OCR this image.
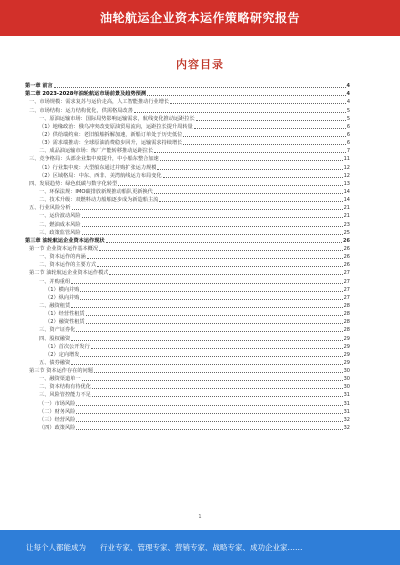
油轮航运企业资本运作策略研究报告
内容目录
第一章 前言	4
第二章 2023-2028年油轮航运市场前景及趋势预测	4
一、市场规模：需求复苏与运价走高，人工智能推动行业增长	4
二、市场结构：运力结构优化，供需格局改善	5
一、原油运输市场：国际局势影响运输需求，航线变化推动运距拉长	5
（1）地缘政治：俄乌冲突改变原油贸易流向，运距拉长提升周转量	6
（2）供给端约束：老旧船舶拆解加速，新船订单处于历史低位	6
（3）需求端推动：全球原油消费稳步回升，运输需求持续增长	6
二、成品油运输市场：炼厂产能转移推动运距拉长	7
三、竞争格局：头部企业集中度提升，中小船东整合加速	11
（1）行业集中度：大型船东通过并购扩张运力规模	12
（2）区域格局：中东、西非、美湾航线运力布局变化	12
四、发展趋势：绿色低碳与数字化转型	13
一、环保法规：IMO碳排放新规推动船队更新换代	14
二、技术升级：双燃料动力船舶逐步成为新造船主流	14
五、行业风险分析	21
一、运价波动风险	21
二、燃油成本风险	23
三、政策监管风险	25
第三章 油轮航运企业资本运作现状	26
第一节 企业资本运作基本概况	26
一、资本运作的内涵	26
二、资本运作的主要方式	26
第二节 油轮航运企业资本运作模式	27
一、并购重组	27
（1）横向并购	27
（2）纵向并购	27
二、融资租赁	28
（1）经营性租赁	28
（2）融资性租赁	28
三、资产证券化	28
四、股权融资	29
（1）首次公开发行	29
（2）定向增发	29
五、债券融资	29
第三节 资本运作存在的问题	30
一、融资渠道单一	30
二、资本结构有待优化	30
三、风险管控能力不足	31
（一）市场风险	31
（二）财务风险	31
（三）经营风险	32
（四）政策风险	32
1
让每个人都能成为 行业专家、管理专家、营销专家、战略专家、成功企业家……
